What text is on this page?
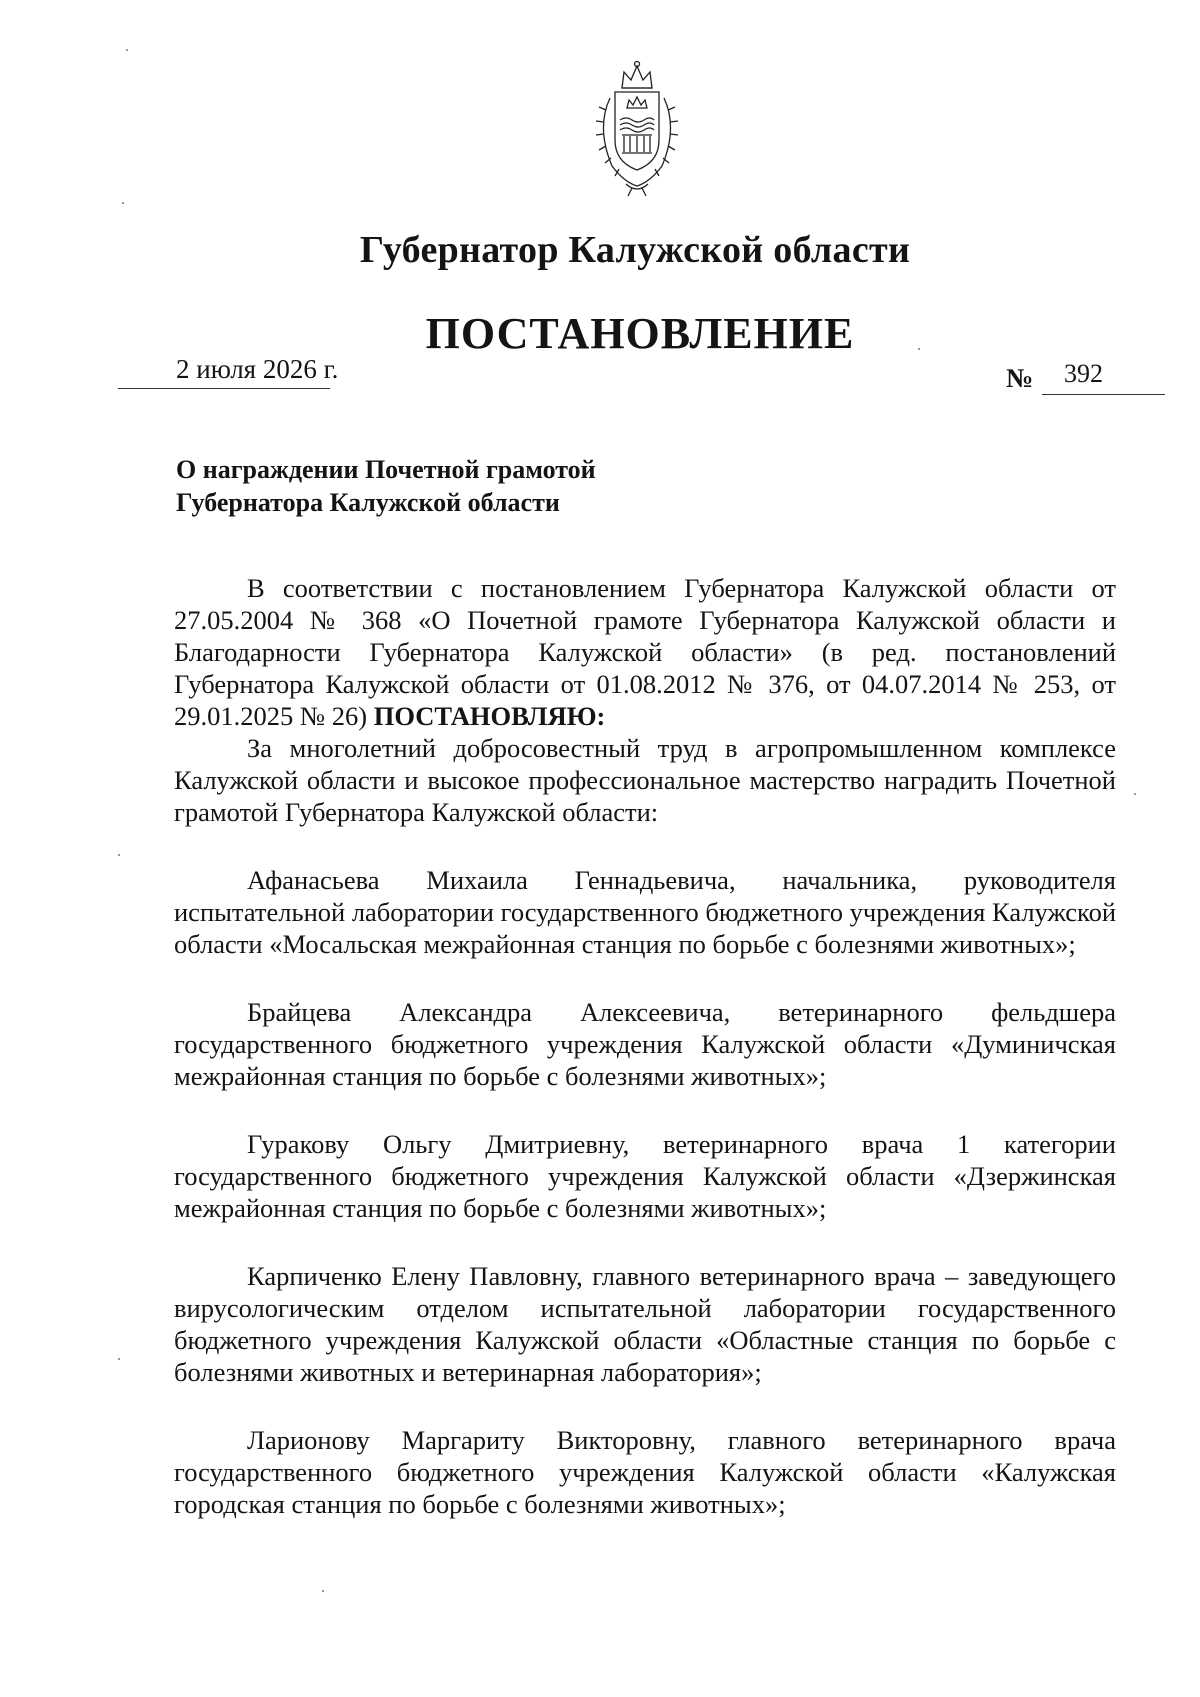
Губернатор Калужской области
ПОСТАНОВЛЕНИЕ
2 июля 2026 г.	№ 392
О награждении Почетной грамотой
Губернатора Калужской области

В соответствии с постановлением Губернатора Калужской области от 27.05.2004 № 368 «О Почетной грамоте Губернатора Калужской области и Благодарности Губернатора Калужской области» (в ред. постановлений Губернатора Калужской области от 01.08.2012 № 376, от 04.07.2014 № 253, от 29.01.2025 № 26) ПОСТАНОВЛЯЮ:

За многолетний добросовестный труд в агропромышленном комплексе Калужской области и высокое профессиональное мастерство наградить Почетной грамотой Губернатора Калужской области:

Афанасьева Михаила Геннадьевича, начальника, руководителя испытательной лаборатории государственного бюджетного учреждения Калужской области «Мосальская межрайонная станция по борьбе с болезнями животных»;

Брайцева Александра Алексеевича, ветеринарного фельдшера государственного бюджетного учреждения Калужской области «Думиничская межрайонная станция по борьбе с болезнями животных»;

Гуракову Ольгу Дмитриевну, ветеринарного врача 1 категории государственного бюджетного учреждения Калужской области «Дзержинская межрайонная станция по борьбе с болезнями животных»;

Карпиченко Елену Павловну, главного ветеринарного врача – заведующего вирусологическим отделом испытательной лаборатории государственного бюджетного учреждения Калужской области «Областные станция по борьбе с болезнями животных и ветеринарная лаборатория»;

Ларионову Маргариту Викторовну, главного ветеринарного врача государственного бюджетного учреждения Калужской области «Калужская городская станция по борьбе с болезнями животных»;
